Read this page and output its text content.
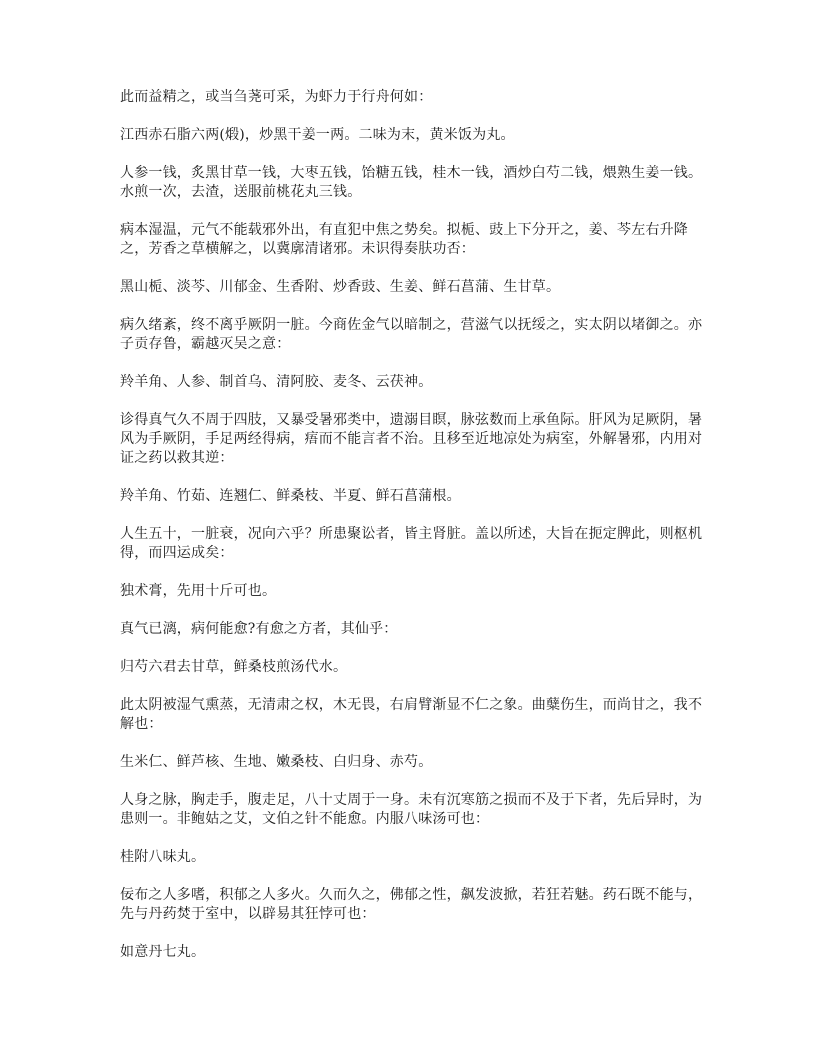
此而益精之，或当刍荛可采，为虾力于行舟何如：

江西赤石脂六两(煅)，炒黑干姜一两。二味为末，黄米饭为丸。

人参一钱，炙黑甘草一钱，大枣五钱，饴糖五钱，桂木一钱，酒炒白芍二钱，煨熟生姜一钱。水煎一次，去渣，送服前桃花丸三钱。

病本湿温，元气不能载邪外出，有直犯中焦之势矣。拟栀、豉上下分开之，姜、芩左右升降之，芳香之草横解之，以冀廓清诸邪。未识得奏肤功否：

黑山栀、淡芩、川郁金、生香附、炒香豉、生姜、鲜石菖蒲、生甘草。

病久绪紊，终不离乎厥阴一脏。今商佐金气以暗制之，营滋气以抚绥之，实太阴以堵御之。亦子贡存鲁，霸越灭吴之意：

羚羊角、人参、制首乌、清阿胶、麦冬、云茯神。

诊得真气久不周于四肢，又暴受暑邪类中，遗溺目瞑，脉弦数而上承鱼际。肝风为足厥阴，暑风为手厥阴，手足两经得病，痦而不能言者不治。且移至近地凉处为病室，外解暑邪，内用对证之药以救其逆：

羚羊角、竹茹、连翘仁、鲜桑枝、半夏、鲜石菖蒲根。

人生五十，一脏衰，况向六乎？所患聚讼者，皆主肾脏。盖以所述，大旨在扼定脾此，则枢机得，而四运成矣：

独术膏，先用十斤可也。

真气已漓，病何能愈?有愈之方者，其仙乎：

归芍六君去甘草，鲜桑枝煎汤代水。

此太阴被湿气熏蒸，无清肃之权，木无畏，右肩臂渐显不仁之象。曲糵伤生，而尚甘之，我不解也：

生米仁、鲜芦核、生地、嫩桑枝、白归身、赤芍。

人身之脉，胸走手，腹走足，八十丈周于一身。未有沉寒筋之损而不及于下者，先后异时，为患则一。非鲍姑之艾，文伯之针不能愈。内服八味汤可也：

桂附八味丸。

佞布之人多嗜，积郁之人多火。久而久之，佛郁之性，飙发波掀，若狂若魅。药石既不能与，先与丹药焚于室中，以辟易其狂悖可也：

如意丹七丸。
